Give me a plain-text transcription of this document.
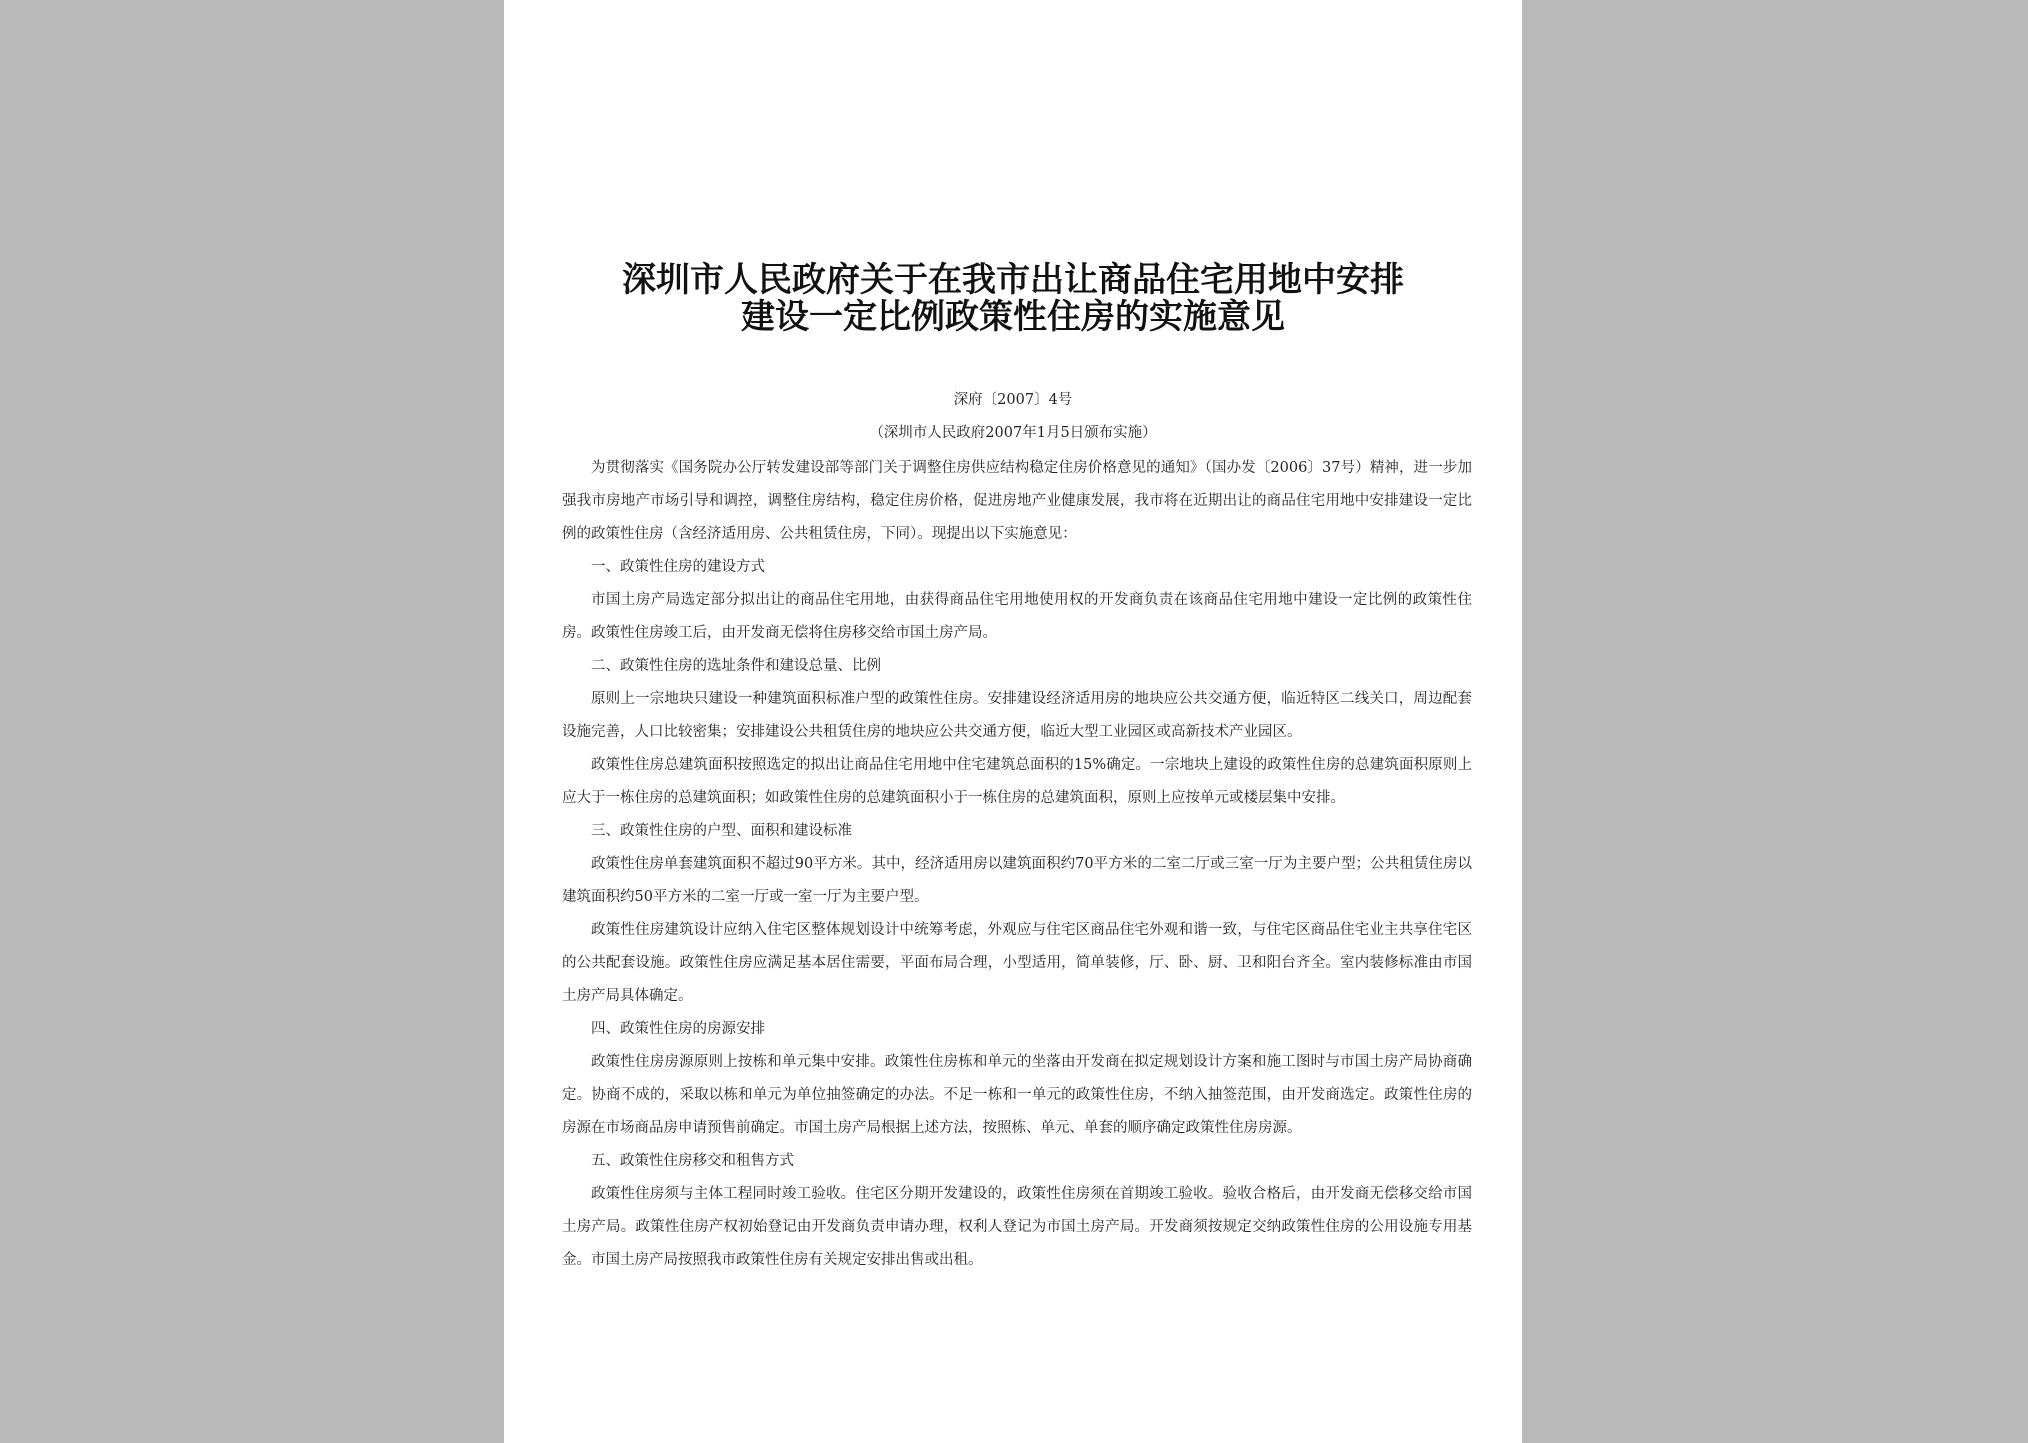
深圳市人民政府关于在我市出让商品住宅用地中安排
建设一定比例政策性住房的实施意见
深府〔2007〕4号
（深圳市人民政府2007年1月5日颁布实施）

为贯彻落实《国务院办公厅转发建设部等部门关于调整住房供应结构稳定住房价格意见的通知》（国办发〔2006〕37号）精神，进一步加强我市房地产市场引导和调控，调整住房结构，稳定住房价格，促进房地产业健康发展，我市将在近期出让的商品住宅用地中安排建设一定比例的政策性住房（含经济适用房、公共租赁住房，下同）。现提出以下实施意见：

一、政策性住房的建设方式

市国土房产局选定部分拟出让的商品住宅用地，由获得商品住宅用地使用权的开发商负责在该商品住宅用地中建设一定比例的政策性住房。政策性住房竣工后，由开发商无偿将住房移交给市国土房产局。

二、政策性住房的选址条件和建设总量、比例

原则上一宗地块只建设一种建筑面积标准户型的政策性住房。安排建设经济适用房的地块应公共交通方便，临近特区二线关口，周边配套设施完善，人口比较密集；安排建设公共租赁住房的地块应公共交通方便，临近大型工业园区或高新技术产业园区。

政策性住房总建筑面积按照选定的拟出让商品住宅用地中住宅建筑总面积的15%确定。一宗地块上建设的政策性住房的总建筑面积原则上应大于一栋住房的总建筑面积；如政策性住房的总建筑面积小于一栋住房的总建筑面积，原则上应按单元或楼层集中安排。

三、政策性住房的户型、面积和建设标准

政策性住房单套建筑面积不超过90平方米。其中，经济适用房以建筑面积约70平方米的二室二厅或三室一厅为主要户型；公共租赁住房以建筑面积约50平方米的二室一厅或一室一厅为主要户型。

政策性住房建筑设计应纳入住宅区整体规划设计中统筹考虑，外观应与住宅区商品住宅外观和谐一致，与住宅区商品住宅业主共享住宅区的公共配套设施。政策性住房应满足基本居住需要，平面布局合理，小型适用，简单装修，厅、卧、厨、卫和阳台齐全。室内装修标准由市国土房产局具体确定。

四、政策性住房的房源安排

政策性住房房源原则上按栋和单元集中安排。政策性住房栋和单元的坐落由开发商在拟定规划设计方案和施工图时与市国土房产局协商确定。协商不成的，采取以栋和单元为单位抽签确定的办法。不足一栋和一单元的政策性住房，不纳入抽签范围，由开发商选定。政策性住房的房源在市场商品房申请预售前确定。市国土房产局根据上述方法，按照栋、单元、单套的顺序确定政策性住房房源。

五、政策性住房移交和租售方式

政策性住房须与主体工程同时竣工验收。住宅区分期开发建设的，政策性住房须在首期竣工验收。验收合格后，由开发商无偿移交给市国土房产局。政策性住房产权初始登记由开发商负责申请办理，权利人登记为市国土房产局。开发商须按规定交纳政策性住房的公用设施专用基金。市国土房产局按照我市政策性住房有关规定安排出售或出租。
